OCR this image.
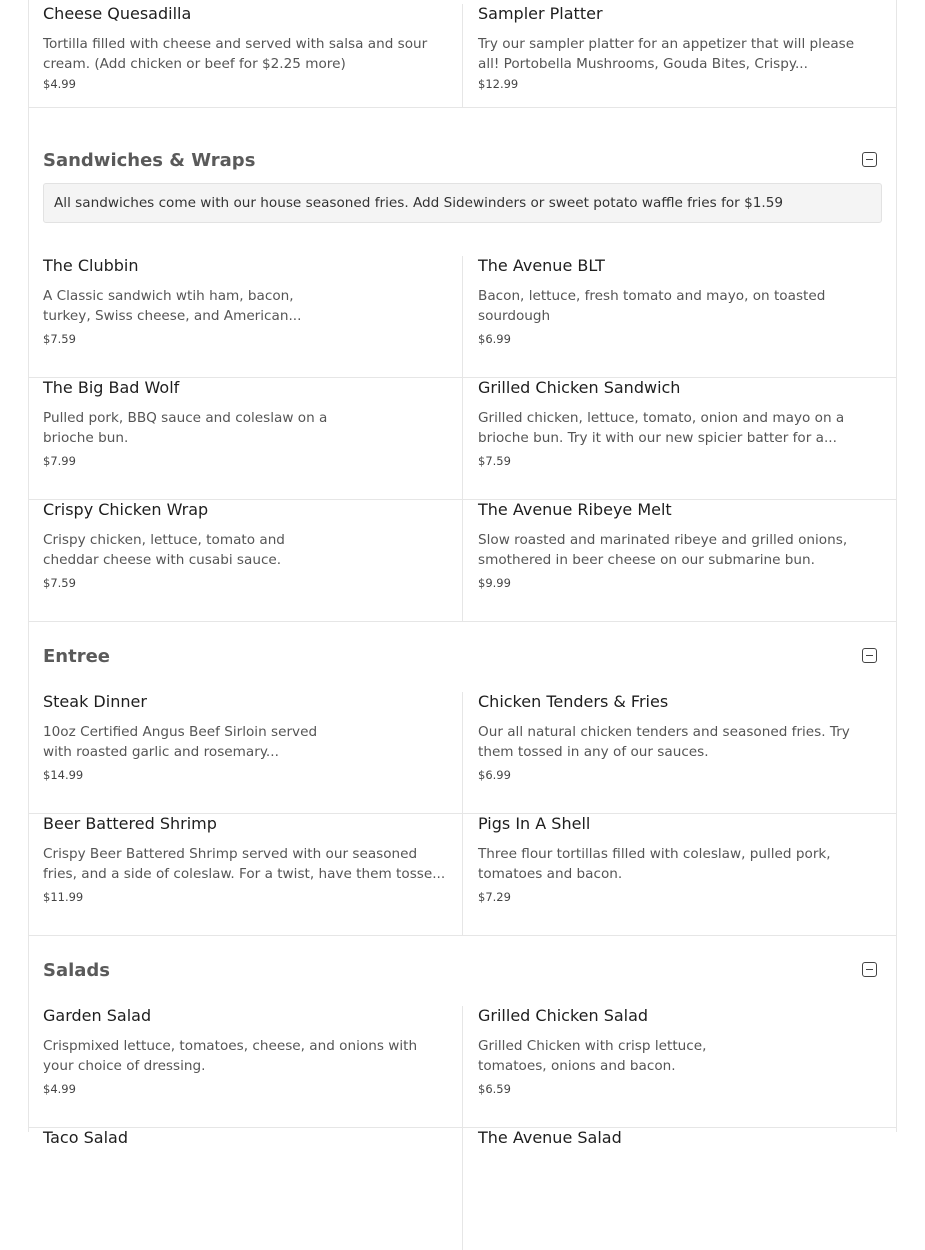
Cheese Quesadilla
Tortilla filled with cheese and served with salsa and sour cream. (Add chicken or beef for $2.25 more)
$4.99
Sampler Platter
Try our sampler platter for an appetizer that will please all! Portobella Mushrooms, Gouda Bites, Crispy...
$12.99
Sandwiches & Wraps
All sandwiches come with our house seasoned fries. Add Sidewinders or sweet potato waffle fries for $1.59
The Clubbin
A Classic sandwich wtih ham, bacon, turkey, Swiss cheese, and American...
$7.59
The Avenue BLT
Bacon, lettuce, fresh tomato and mayo, on toasted sourdough
$6.99
The Big Bad Wolf
Pulled pork, BBQ sauce and coleslaw on a brioche bun.
$7.99
Grilled Chicken Sandwich
Grilled chicken, lettuce, tomato, onion and mayo on a brioche bun. Try it with our new spicier batter for a...
$7.59
Crispy Chicken Wrap
Crispy chicken, lettuce, tomato and cheddar cheese with cusabi sauce.
$7.59
The Avenue Ribeye Melt
Slow roasted and marinated ribeye and grilled onions, smothered in beer cheese on our submarine bun.
$9.99
Entree
Steak Dinner
10oz Certified Angus Beef Sirloin served with roasted garlic and rosemary...
$14.99
Chicken Tenders & Fries
Our all natural chicken tenders and seasoned fries. Try them tossed in any of our sauces.
$6.99
Beer Battered Shrimp
Crispy Beer Battered Shrimp served with our seasoned fries, and a side of coleslaw. For a twist, have them tosse...
$11.99
Pigs In A Shell
Three flour tortillas filled with coleslaw, pulled pork, tomatoes and bacon.
$7.29
Salads
Garden Salad
Crispmixed lettuce, tomatoes, cheese, and onions with your choice of dressing.
$4.99
Grilled Chicken Salad
Grilled Chicken with crisp lettuce, tomatoes, onions and bacon.
$6.59
Taco Salad	The Avenue Salad
